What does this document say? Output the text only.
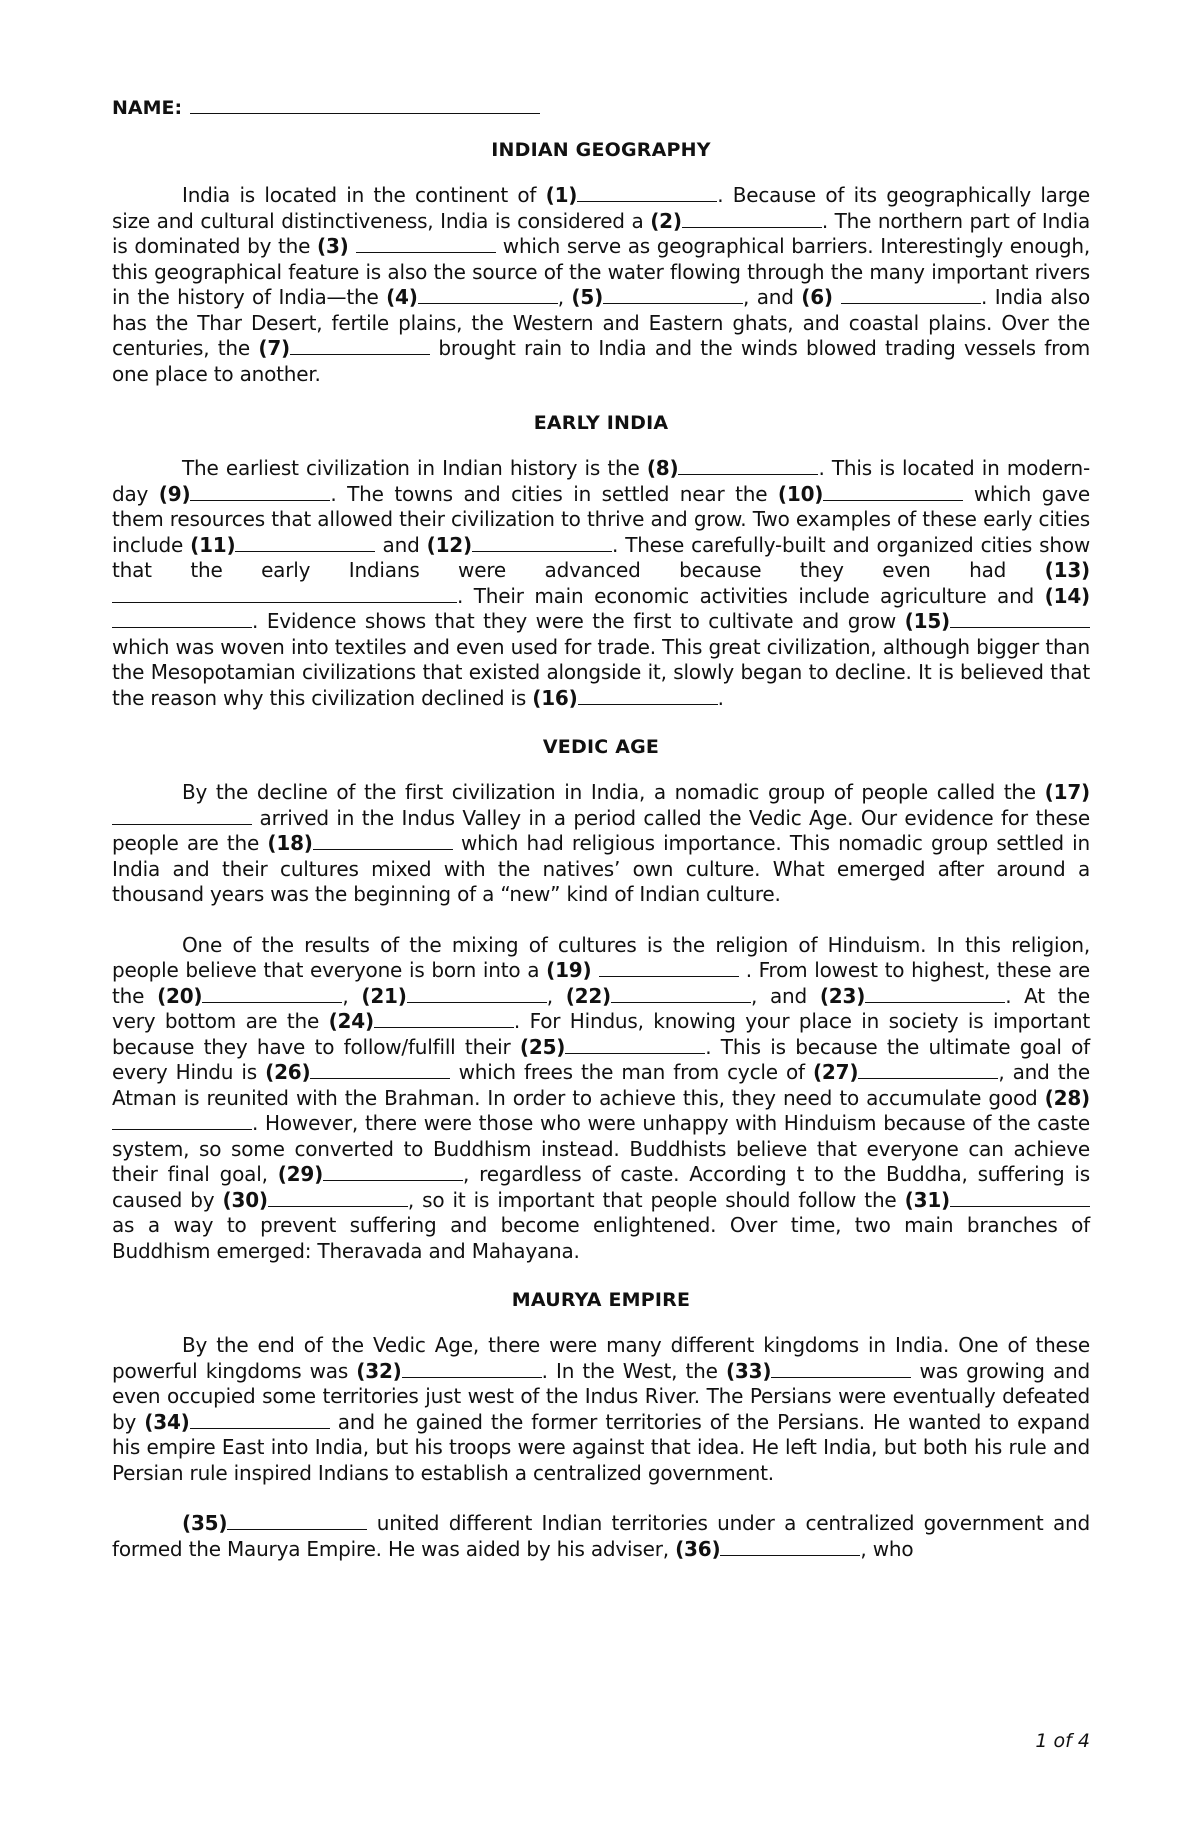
NAME:
INDIAN GEOGRAPHY

India is located in the continent of (1)	. Because of its geographically large size and cultural distinctiveness, India is considered a (2)	. The northern part of India is dominated by the (3)	which serve as geographical barriers. Interestingly enough, this geographical feature is also the source of the water flowing through the many important rivers in the history of India—the (4)	, (5)	, and (6)	. India also has the Thar Desert, fertile plains, the Western and Eastern ghats, and coastal plains. Over the centuries, the (7)	brought rain to India and the winds blowed trading vessels from one place to another.

EARLY INDIA

The earliest civilization in Indian history is the (8)	. This is located in modern-day (9)	. The towns and cities in settled near the (10)	which gave them resources that allowed their civilization to thrive and grow. Two examples of these early cities include (11)	and (12)	. These carefully-built and organized cities show that the early Indians were advanced because they even had (13). Their main economic activities include agriculture and (14). Evidence shows that they were the first to cultivate and grow (15) which was woven into textiles and even used for trade. This great civilization, although bigger than the Mesopotamian civilizations that existed alongside it, slowly began to decline. It is believed that the reason why this civilization declined is (16)	.

VEDIC AGE

By the decline of the first civilization in India, a nomadic group of people called the (17) arrived in the Indus Valley in a period called the Vedic Age. Our evidence for these people are the (18)	which had religious importance. This nomadic group settled in India and their cultures mixed with the natives’ own culture. What emerged after around a thousand years was the beginning of a “new” kind of Indian culture.

One of the results of the mixing of cultures is the religion of Hinduism. In this religion, people believe that everyone is born into a (19)	. From lowest to highest, these are the (20)	, (21)	, (22)	, and (23)	. At the very bottom are the (24)	. For Hindus, knowing your place in society is important because they have to follow/fulfill their (25)	. This is because the ultimate goal of every Hindu is (26)	which frees the man from cycle of (27)	, and the Atman is reunited with the Brahman. In order to achieve this, they need to accumulate good (28). However, there were those who were unhappy with Hinduism because of the caste system, so some converted to Buddhism instead. Buddhists believe that everyone can achieve their final goal, (29)	, regardless of caste. According t to the Buddha, suffering is caused by (30)	, so it is important that people should follow the (31) as a way to prevent suffering and become enlightened. Over time, two main branches of Buddhism emerged: Theravada and Mahayana.

MAURYA EMPIRE

By the end of the Vedic Age, there were many different kingdoms in India. One of these powerful kingdoms was (32)	. In the West, the (33)	was growing and even occupied some territories just west of the Indus River. The Persians were eventually defeated by (34)	and he gained the former territories of the Persians. He wanted to expand his empire East into India, but his troops were against that idea. He left India, but both his rule and Persian rule inspired Indians to establish a centralized government.

(35)	united different Indian territories under a centralized government and formed the Maurya Empire. He was aided by his adviser, (36)	, who

1 of 4
